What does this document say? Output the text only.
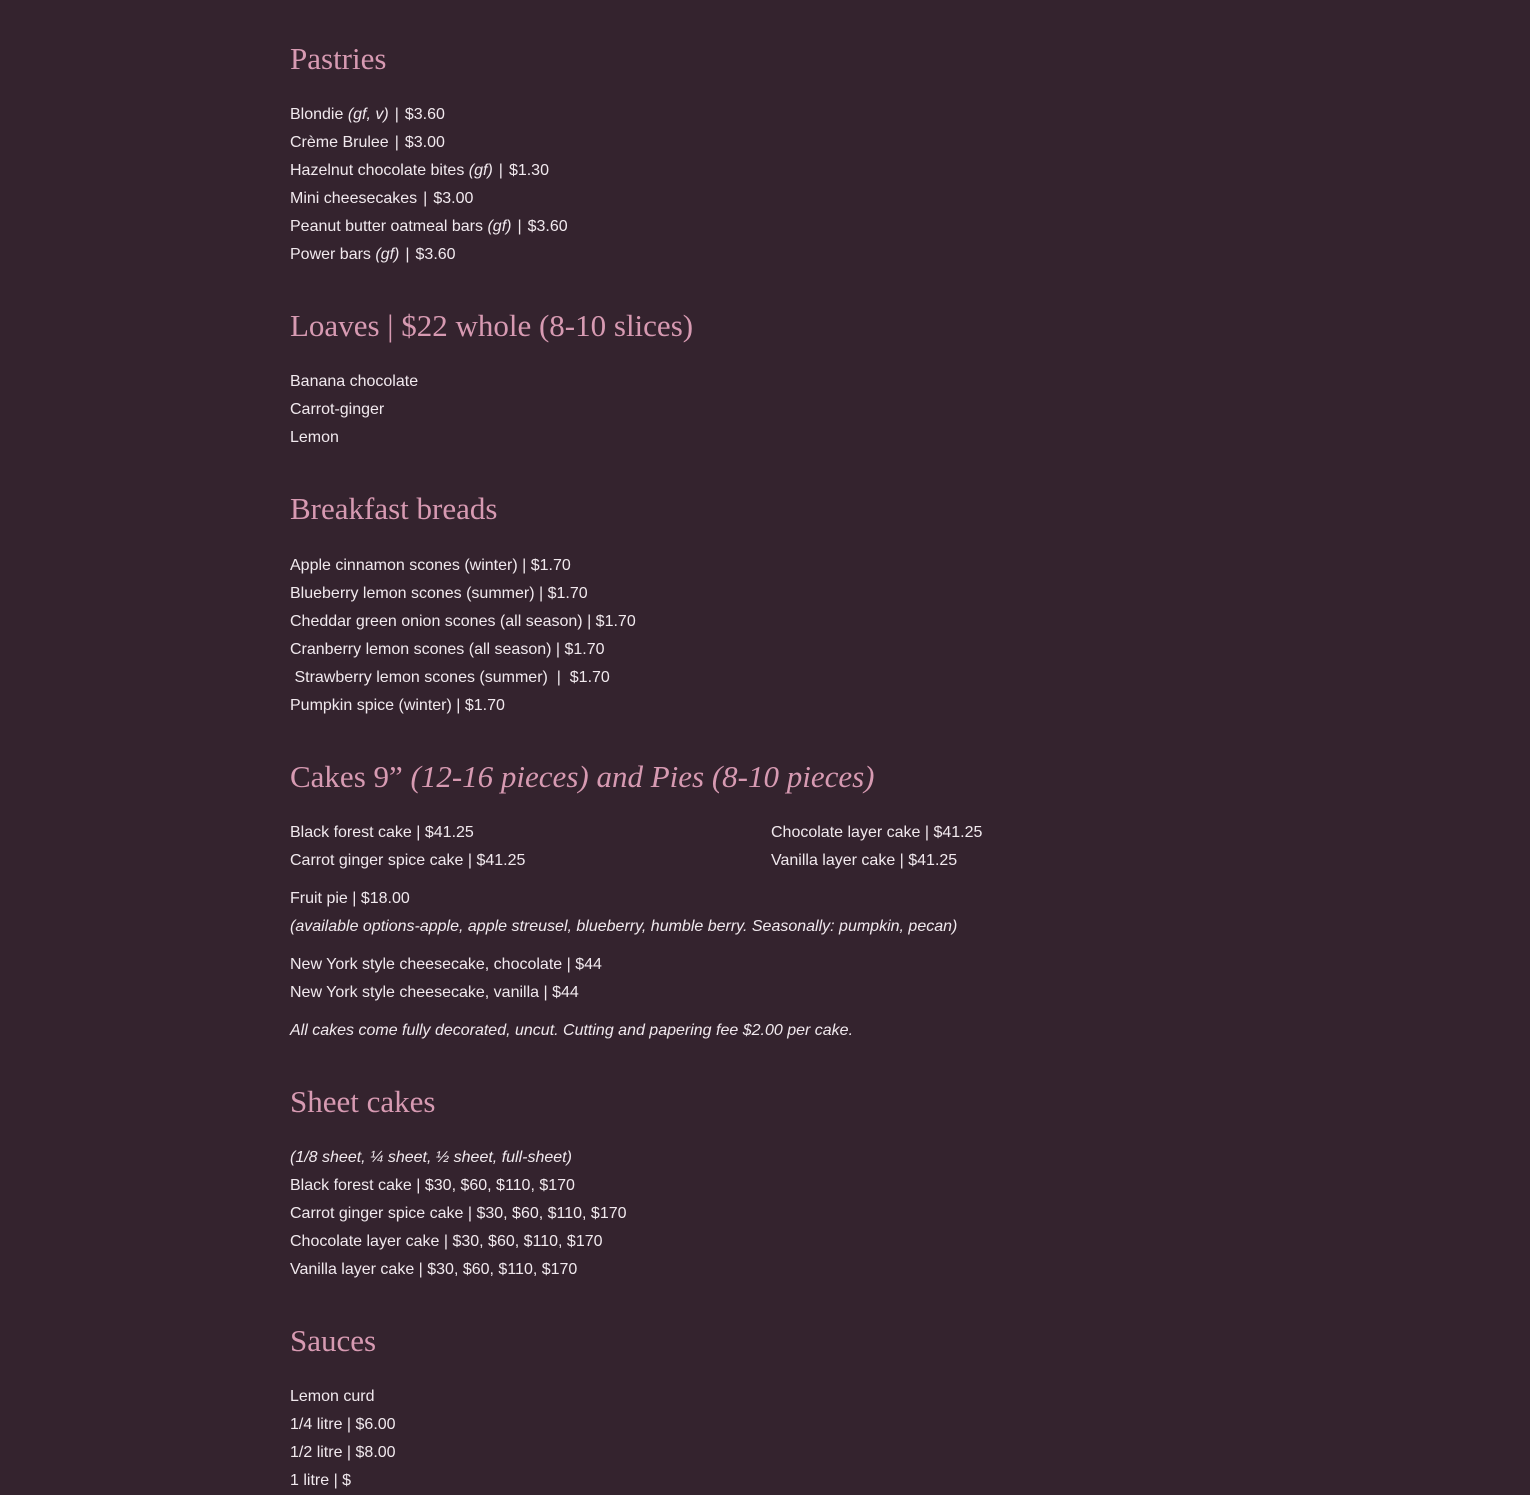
Pastries
Blondie (gf, v) | $3.60
Crème Brulee | $3.00
Hazelnut chocolate bites (gf) | $1.30
Mini cheesecakes | $3.00
Peanut butter oatmeal bars (gf) | $3.60
Power bars (gf) | $3.60
Loaves | $22 whole (8-10 slices)
Banana chocolate
Carrot-ginger
Lemon
Breakfast breads
Apple cinnamon scones (winter) | $1.70
Blueberry lemon scones (summer) | $1.70
Cheddar green onion scones (all season) | $1.70
Cranberry lemon scones (all season) | $1.70
Strawberry lemon scones (summer)  |  $1.70
Pumpkin spice (winter) | $1.70
Cakes 9” (12-16 pieces) and Pies (8-10 pieces)
Black forest cake | $41.25
Carrot ginger spice cake | $41.25
Chocolate layer cake | $41.25
Vanilla layer cake | $41.25
Fruit pie | $18.00
(available options-apple, apple streusel, blueberry, humble berry. Seasonally: pumpkin, pecan)
New York style cheesecake, chocolate | $44
New York style cheesecake, vanilla | $44
All cakes come fully decorated, uncut. Cutting and papering fee $2.00 per cake.
Sheet cakes
(1/8 sheet, ¼ sheet, ½ sheet, full-sheet)
Black forest cake | $30, $60, $110, $170
Carrot ginger spice cake | $30, $60, $110, $170
Chocolate layer cake | $30, $60, $110, $170
Vanilla layer cake | $30, $60, $110, $170
Sauces
Lemon curd
1/4 litre | $6.00
1/2 litre | $8.00
1 litre | $
